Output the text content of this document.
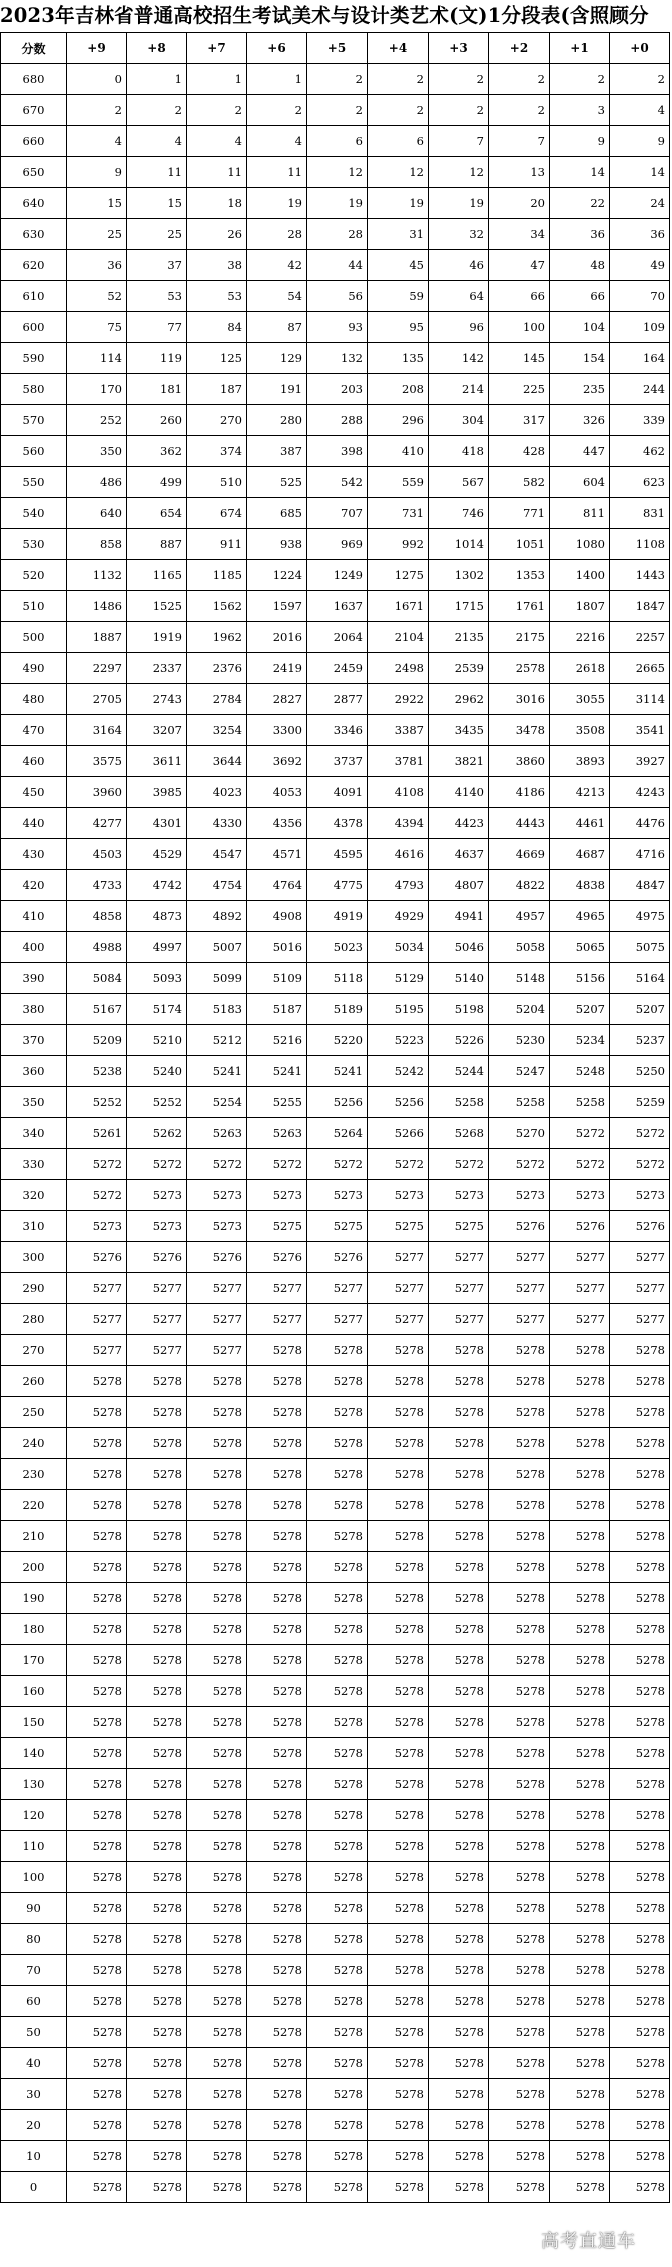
2023年吉林省普通高校招生考试美术与设计类艺术(文)1分段表(含照顾分
分数	+9	+8	+7	+6	+5	+4	+3	+2	+1	+0
680	0	1	1	1	2	2	2	2	2	2
670	2	2	2	2	2	2	2	2	3	4
660	4	4	4	4	6	6	7	7	9	9
650	9	11	11	11	12	12	12	13	14	14
640	15	15	18	19	19	19	19	20	22	24
630	25	25	26	28	28	31	32	34	36	36
620	36	37	38	42	44	45	46	47	48	49
610	52	53	53	54	56	59	64	66	66	70
600	75	77	84	87	93	95	96	100	104	109
590	114	119	125	129	132	135	142	145	154	164
580	170	181	187	191	203	208	214	225	235	244
570	252	260	270	280	288	296	304	317	326	339
560	350	362	374	387	398	410	418	428	447	462
550	486	499	510	525	542	559	567	582	604	623
540	640	654	674	685	707	731	746	771	811	831
530	858	887	911	938	969	992	1014	1051	1080	1108
520	1132	1165	1185	1224	1249	1275	1302	1353	1400	1443
510	1486	1525	1562	1597	1637	1671	1715	1761	1807	1847
500	1887	1919	1962	2016	2064	2104	2135	2175	2216	2257
490	2297	2337	2376	2419	2459	2498	2539	2578	2618	2665
480	2705	2743	2784	2827	2877	2922	2962	3016	3055	3114
470	3164	3207	3254	3300	3346	3387	3435	3478	3508	3541
460	3575	3611	3644	3692	3737	3781	3821	3860	3893	3927
450	3960	3985	4023	4053	4091	4108	4140	4186	4213	4243
440	4277	4301	4330	4356	4378	4394	4423	4443	4461	4476
430	4503	4529	4547	4571	4595	4616	4637	4669	4687	4716
420	4733	4742	4754	4764	4775	4793	4807	4822	4838	4847
410	4858	4873	4892	4908	4919	4929	4941	4957	4965	4975
400	4988	4997	5007	5016	5023	5034	5046	5058	5065	5075
390	5084	5093	5099	5109	5118	5129	5140	5148	5156	5164
380	5167	5174	5183	5187	5189	5195	5198	5204	5207	5207
370	5209	5210	5212	5216	5220	5223	5226	5230	5234	5237
360	5238	5240	5241	5241	5241	5242	5244	5247	5248	5250
350	5252	5252	5254	5255	5256	5256	5258	5258	5258	5259
340	5261	5262	5263	5263	5264	5266	5268	5270	5272	5272
330	5272	5272	5272	5272	5272	5272	5272	5272	5272	5272
320	5272	5273	5273	5273	5273	5273	5273	5273	5273	5273
310	5273	5273	5273	5275	5275	5275	5275	5276	5276	5276
300	5276	5276	5276	5276	5276	5277	5277	5277	5277	5277
290	5277	5277	5277	5277	5277	5277	5277	5277	5277	5277
280	5277	5277	5277	5277	5277	5277	5277	5277	5277	5277
270	5277	5277	5277	5278	5278	5278	5278	5278	5278	5278
260	5278	5278	5278	5278	5278	5278	5278	5278	5278	5278
250	5278	5278	5278	5278	5278	5278	5278	5278	5278	5278
240	5278	5278	5278	5278	5278	5278	5278	5278	5278	5278
230	5278	5278	5278	5278	5278	5278	5278	5278	5278	5278
220	5278	5278	5278	5278	5278	5278	5278	5278	5278	5278
210	5278	5278	5278	5278	5278	5278	5278	5278	5278	5278
200	5278	5278	5278	5278	5278	5278	5278	5278	5278	5278
190	5278	5278	5278	5278	5278	5278	5278	5278	5278	5278
180	5278	5278	5278	5278	5278	5278	5278	5278	5278	5278
170	5278	5278	5278	5278	5278	5278	5278	5278	5278	5278
160	5278	5278	5278	5278	5278	5278	5278	5278	5278	5278
150	5278	5278	5278	5278	5278	5278	5278	5278	5278	5278
140	5278	5278	5278	5278	5278	5278	5278	5278	5278	5278
130	5278	5278	5278	5278	5278	5278	5278	5278	5278	5278
120	5278	5278	5278	5278	5278	5278	5278	5278	5278	5278
110	5278	5278	5278	5278	5278	5278	5278	5278	5278	5278
100	5278	5278	5278	5278	5278	5278	5278	5278	5278	5278
90	5278	5278	5278	5278	5278	5278	5278	5278	5278	5278
80	5278	5278	5278	5278	5278	5278	5278	5278	5278	5278
70	5278	5278	5278	5278	5278	5278	5278	5278	5278	5278
60	5278	5278	5278	5278	5278	5278	5278	5278	5278	5278
50	5278	5278	5278	5278	5278	5278	5278	5278	5278	5278
40	5278	5278	5278	5278	5278	5278	5278	5278	5278	5278
30	5278	5278	5278	5278	5278	5278	5278	5278	5278	5278
20	5278	5278	5278	5278	5278	5278	5278	5278	5278	5278
10	5278	5278	5278	5278	5278	5278	5278	5278	5278	5278
0	5278	5278	5278	5278	5278	5278	5278	5278	5278	5278
高考直通车
